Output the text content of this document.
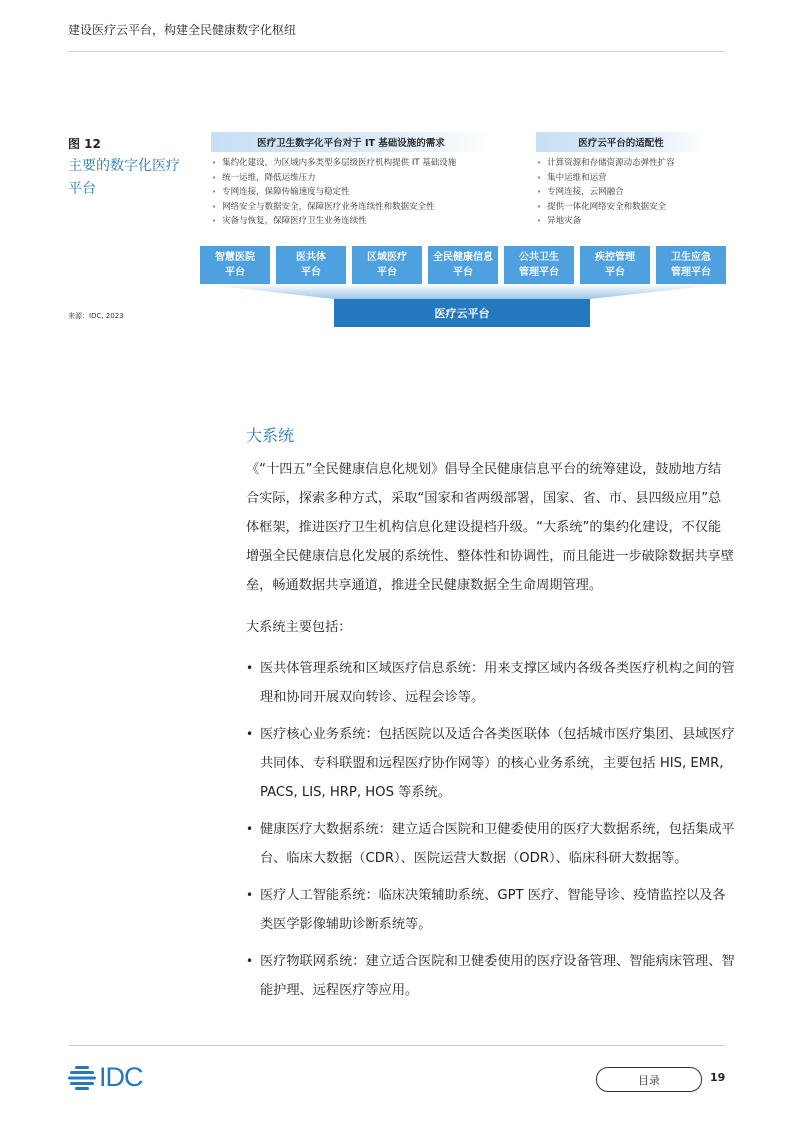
建设医疗云平台，构建全民健康数字化枢纽
图 12
主要的数字化医疗平台
医疗卫生数字化平台对于 IT 基础设施的需求
• 集约化建设，为区域内多类型多层级医疗机构提供 IT 基础设施
• 统一运维，降低运维压力
• 专网连接，保障传输速度与稳定性
• 网络安全与数据安全，保障医疗业务连续性和数据安全性
• 灾备与恢复，保障医疗卫生业务连续性
医疗云平台的适配性
• 计算资源和存储资源动态弹性扩容
• 集中运维和运营
• 专网连接，云网融合
• 提供一体化网络安全和数据安全
• 异地灾备
智慧医院
平台
医共体
平台
区域医疗
平台
全民健康信息
平台
公共卫生
管理平台
疾控管理
平台
卫生应急
管理平台
医疗云平台
来源：IDC, 2023
大系统

《“十四五”全民健康信息化规划》倡导全民健康信息平台的统筹建设，鼓励地方结合实际，探索多种方式，采取“国家和省两级部署，国家、省、市、县四级应用”总体框架，推进医疗卫生机构信息化建设提档升级。“大系统”的集约化建设，不仅能增强全民健康信息化发展的系统性、整体性和协调性，而且能进一步破除数据共享壁垒，畅通数据共享通道，推进全民健康数据全生命周期管理。

大系统主要包括：
• 医共体管理系统和区域医疗信息系统：用来支撑区域内各级各类医疗机构之间的管理和协同开展双向转诊、远程会诊等。
• 医疗核心业务系统：包括医院以及适合各类医联体（包括城市医疗集团、县域医疗共同体、专科联盟和远程医疗协作网等）的核心业务系统，主要包括 HIS, EMR, PACS, LIS, HRP, HOS 等系统。
• 健康医疗大数据系统：建立适合医院和卫健委使用的医疗大数据系统，包括集成平台、临床大数据（CDR）、医院运营大数据（ODR）、临床科研大数据等。
• 医疗人工智能系统：临床决策辅助系统、GPT 医疗、智能导诊、疫情监控以及各类医学影像辅助诊断系统等。
• 医疗物联网系统：建立适合医院和卫健委使用的医疗设备管理、智能病床管理、智能护理、远程医疗等应用。
IDC	目录	19
